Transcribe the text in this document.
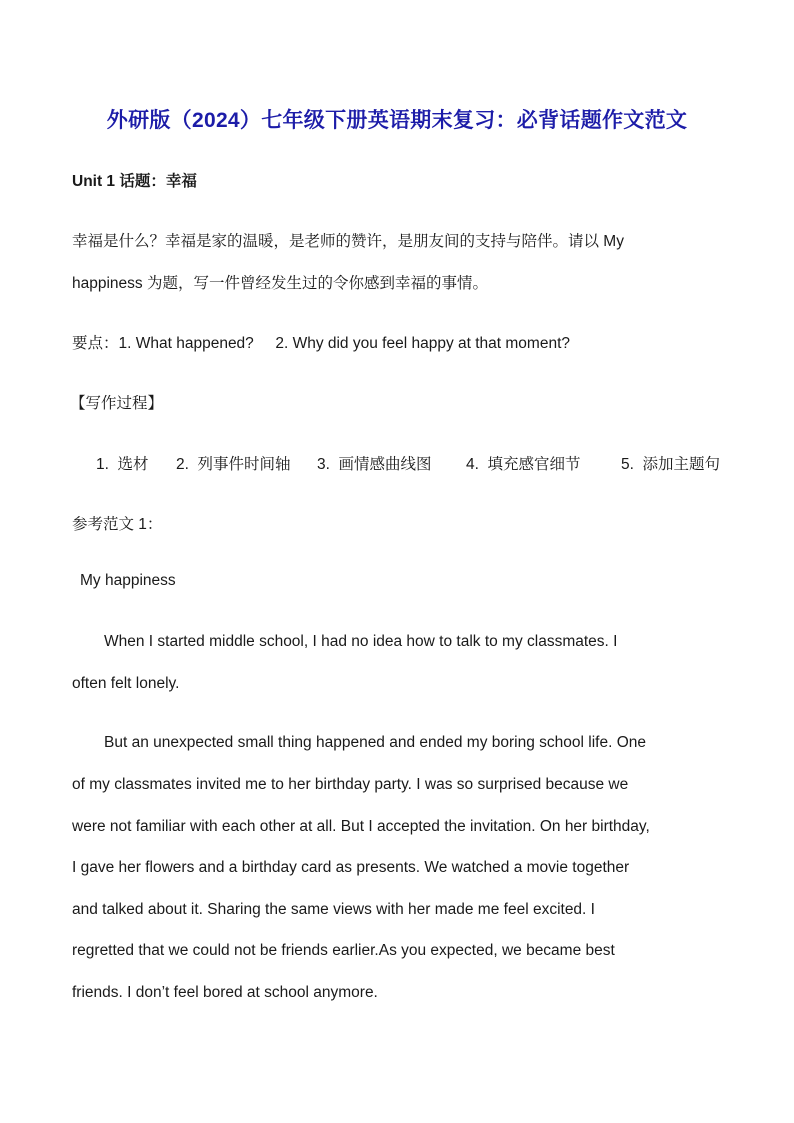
外研版（2024）七年级下册英语期末复习：必背话题作文范文
Unit 1 话题：幸福
幸福是什么？幸福是家的温暖，是老师的赞许，是朋友间的支持与陪伴。请以 My
happiness 为题，写一件曾经发生过的令你感到幸福的事情。
要点：1. What happened?     2. Why did you feel happy at that moment?
【写作过程】
1.  选材 2.  列事件时间轴 3.  画情感曲线图 4.  填充感官细节	5.  添加主题句
参考范文 1：
My happiness
When I started middle school, I had no idea how to talk to my classmates. I
often felt lonely.
But an unexpected small thing happened and ended my boring school life. One
of my classmates invited me to her birthday party. I was so surprised because we
were not familiar with each other at all. But I accepted the invitation. On her birthday,
I gave her flowers and a birthday card as presents. We watched a movie together
and talked about it. Sharing the same views with her made me feel excited. I
regretted that we could not be friends earlier.As you expected, we became best
friends. I don’t feel bored at school anymore.
